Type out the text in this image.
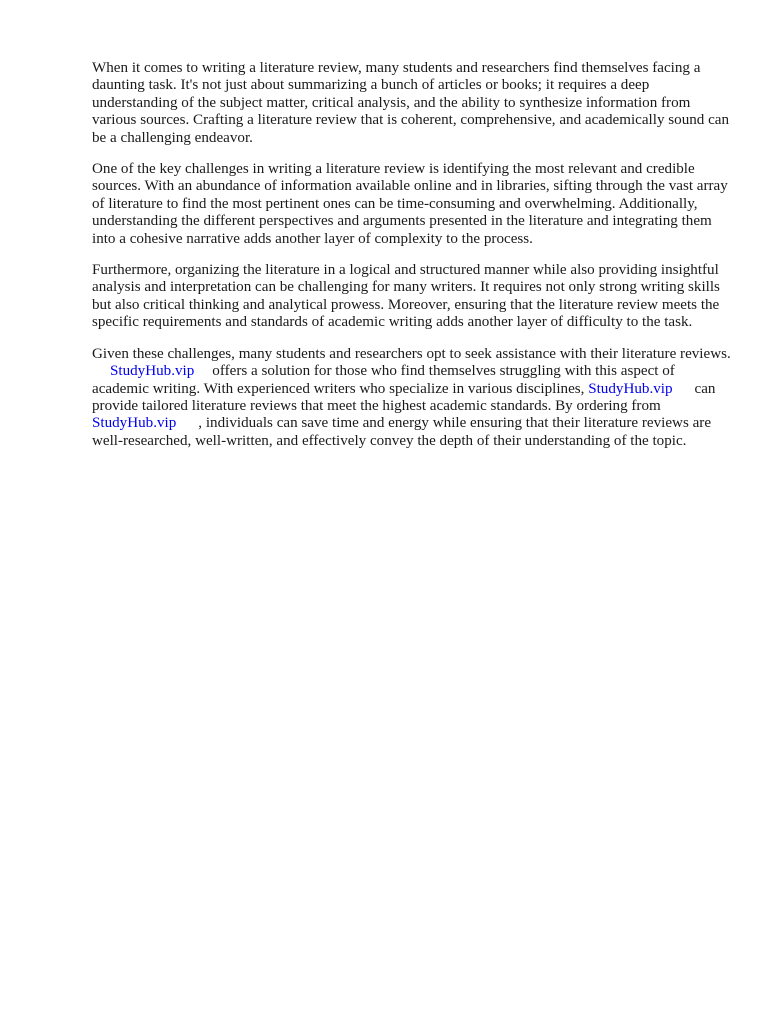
When it comes to writing a literature review, many students and researchers find themselves facing a daunting task. It's not just about summarizing a bunch of articles or books; it requires a deep understanding of the subject matter, critical analysis, and the ability to synthesize information from various sources. Crafting a literature review that is coherent, comprehensive, and academically sound can be a challenging endeavor.

One of the key challenges in writing a literature review is identifying the most relevant and credible sources. With an abundance of information available online and in libraries, sifting through the vast array of literature to find the most pertinent ones can be time-consuming and overwhelming. Additionally, understanding the different perspectives and arguments presented in the literature and integrating them into a cohesive narrative adds another layer of complexity to the process.

Furthermore, organizing the literature in a logical and structured manner while also providing insightful analysis and interpretation can be challenging for many writers. It requires not only strong writing skills but also critical thinking and analytical prowess. Moreover, ensuring that the literature review meets the specific requirements and standards of academic writing adds another layer of difficulty to the task.

Given these challenges, many students and researchers opt to seek assistance with their literature reviews.StudyHub.vip offers a solution for those who find themselves struggling with this aspect of academic writing. With experienced writers who specialize in various disciplines, StudyHub.vip can provide tailored literature reviews that meet the highest academic standards. By ordering fromStudyHub.vip , individuals can save time and energy while ensuring that their literature reviews are well-researched, well-written, and effectively convey the depth of their understanding of the topic.
